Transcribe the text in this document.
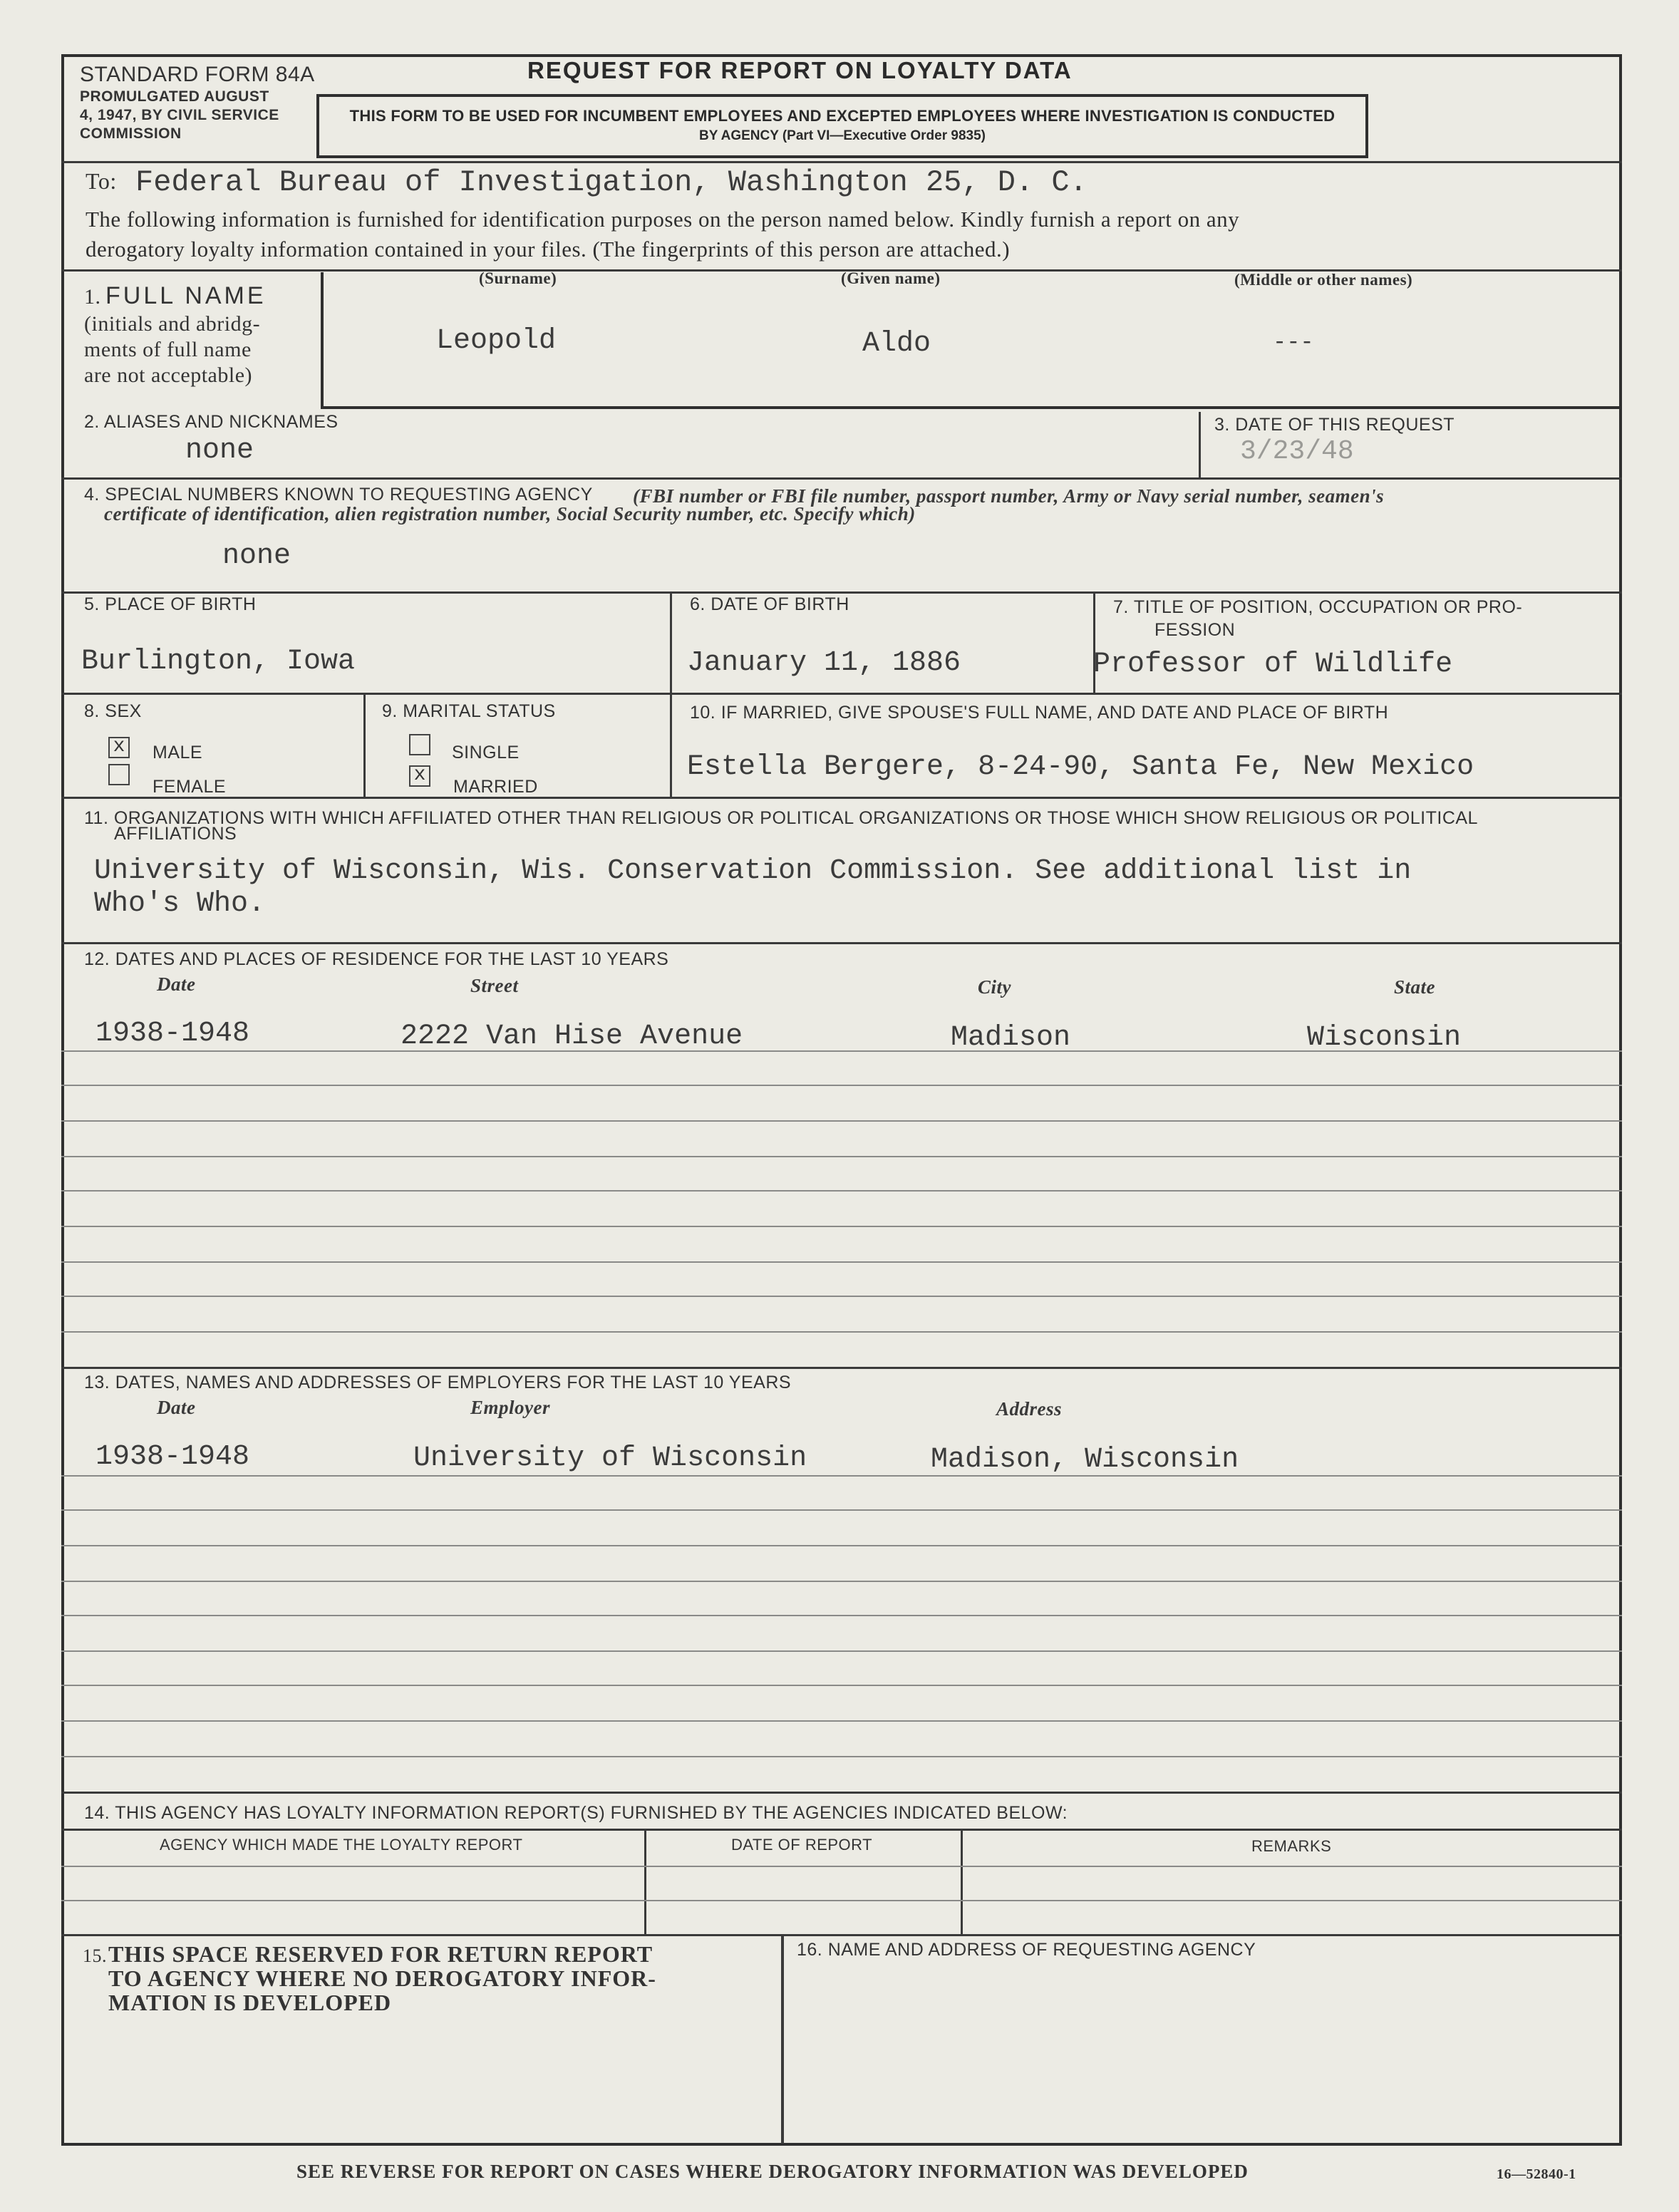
STANDARD FORM 84A
PROMULGATED AUGUST
4, 1947, BY CIVIL SERVICE
COMMISSION
REQUEST FOR REPORT ON LOYALTY DATA
THIS FORM TO BE USED FOR INCUMBENT EMPLOYEES AND EXCEPTED EMPLOYEES WHERE INVESTIGATION IS CONDUCTED
BY AGENCY (Part VI—Executive Order 9835)
To: Federal Bureau of Investigation, Washington 25, D. C.
The following information is furnished for identification purposes on the person named below. Kindly furnish a report on any
derogatory loyalty information contained in your files. (The fingerprints of this person are attached.)
1. FULL NAME
(initials and abridg-
ments of full name
are not acceptable)
(Surname)	(Given name)	(Middle or other names)
Leopold	Aldo	---
2. ALIASES AND NICKNAMES
none
3. DATE OF THIS REQUEST
3/23/48
4. SPECIAL NUMBERS KNOWN TO REQUESTING AGENCY (FBI number or FBI file number, passport number, Army or Navy serial number, seamen's
certificate of identification, alien registration number, Social Security number, etc. Specify which)
none
5. PLACE OF BIRTH
Burlington, Iowa
6. DATE OF BIRTH
January 11, 1886
7. TITLE OF POSITION, OCCUPATION OR PRO-
FESSION
Professor of Wildlife
8. SEX
x MALE
FEMALE
9. MARITAL STATUS
SINGLE
x
MARRIED
10. IF MARRIED, GIVE SPOUSE'S FULL NAME, AND DATE AND PLACE OF BIRTH
Estella Bergere, 8-24-90, Santa Fe, New Mexico
11. ORGANIZATIONS WITH WHICH AFFILIATED OTHER THAN RELIGIOUS OR POLITICAL ORGANIZATIONS OR THOSE WHICH SHOW RELIGIOUS OR POLITICAL
AFFILIATIONS
University of Wisconsin, Wis. Conservation Commission. See additional list in
Who's Who.
12. DATES AND PLACES OF RESIDENCE FOR THE LAST 10 YEARS
Date	Street	City	State
1938-1948	2222 Van Hise Avenue	Madison	Wisconsin
13. DATES, NAMES AND ADDRESSES OF EMPLOYERS FOR THE LAST 10 YEARS
Date	Employer	Address
1938-1948	University of Wisconsin	Madison, Wisconsin
14. THIS AGENCY HAS LOYALTY INFORMATION REPORT(S) FURNISHED BY THE AGENCIES INDICATED BELOW:
AGENCY WHICH MADE THE LOYALTY REPORT	DATE OF REPORT	REMARKS
15. THIS SPACE RESERVED FOR RETURN REPORT
TO AGENCY WHERE NO DEROGATORY INFOR-
MATION IS DEVELOPED
16. NAME AND ADDRESS OF REQUESTING AGENCY
SEE REVERSE FOR REPORT ON CASES WHERE DEROGATORY INFORMATION WAS DEVELOPED	16—52840-1
